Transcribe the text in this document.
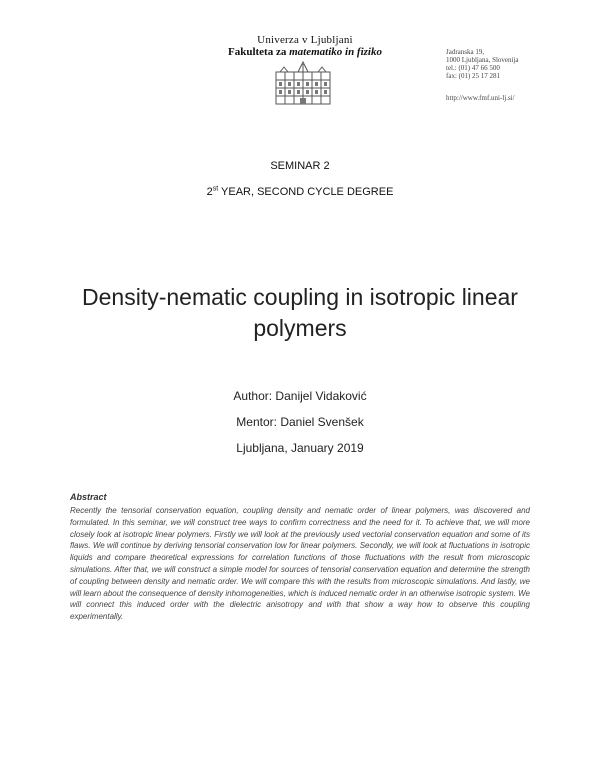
Univerza v Ljubljani
Fakulteta za matematiko in fiziko	Jadranska 19,
1000 Ljubljana, Slovenija
tel.: (01) 47 66 500
fax: (01) 25 17 281
http://www.fmf.uni-lj.si/
SEMINAR 2
2st YEAR, SECOND CYCLE DEGREE
Density-nematic coupling in isotropic linear polymers
Author: Danijel Vidaković
Mentor: Daniel Svenšek
Ljubljana, January 2019
Abstract

Recently the tensorial conservation equation, coupling density and nematic order of linear polymers, was discovered and formulated. In this seminar, we will construct tree ways to confirm correctness and the need for it. To achieve that, we will more closely look at isotropic linear polymers. Firstly we will look at the previously used vectorial conservation equation and some of its flaws. We will continue by deriving tensorial conservation low for linear polymers. Secondly, we will look at fluctuations in isotropic liquids and compare theoretical expressions for correlation functions of those fluctuations with the result from microscopic simulations. After that, we will construct a simple model for sources of tensorial conservation equation and determine the strength of coupling between density and nematic order. We will compare this with the results from microscopic simulations. And lastly, we will learn about the consequence of density inhomogeneities, which is induced nematic order in an otherwise isotropic system. We will connect this induced order with the dielectric anisotropy and with that show a way how to observe this coupling experimentally.
